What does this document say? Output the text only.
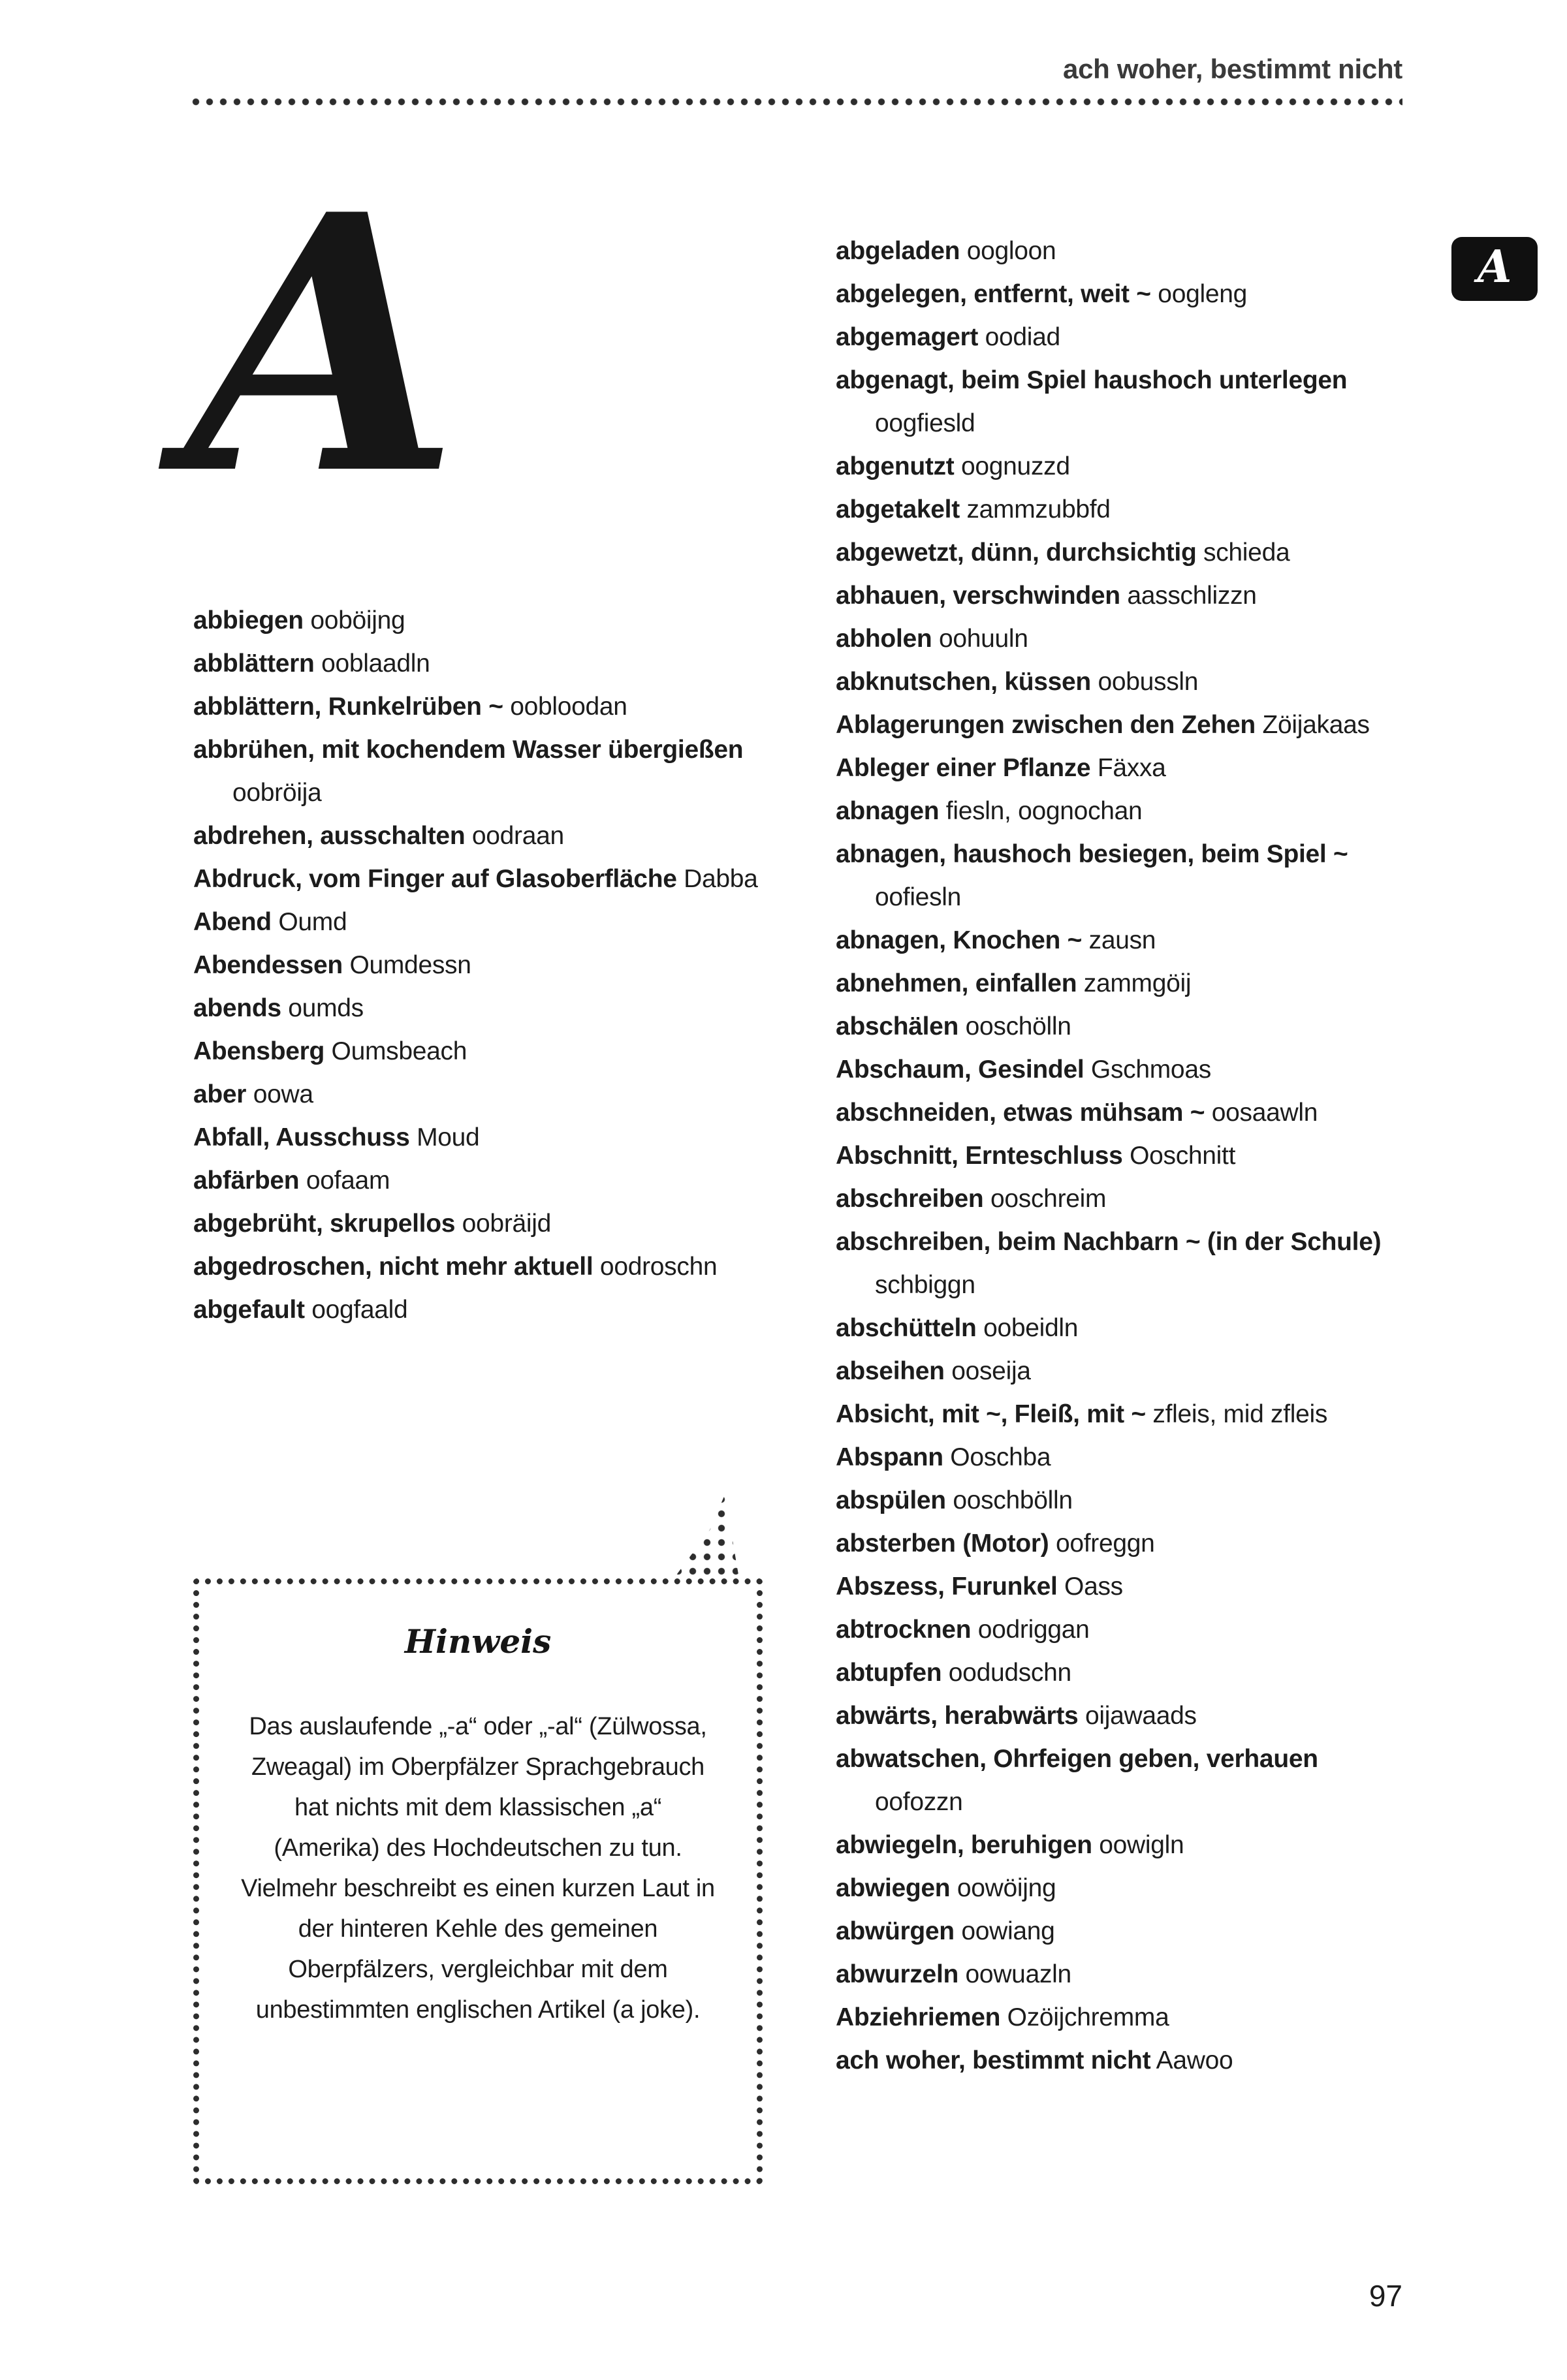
ach woher, bestimmt nicht
A	A

abbiegen ooböijng

abblättern ooblaadln

abblättern, Runkelrüben ~ oobloodan

abbrühen, mit kochendem Wasser übergießen oobröija

abdrehen, ausschalten oodraan

Abdruck, vom Finger auf Glasoberfläche Dabba

Abend Oumd

Abendessen Oumdessn

abends oumds

Abensberg Oumsbeach

aber oowa

Abfall, Ausschuss Moud

abfärben oofaam

abgebrüht, skrupellos oobräijd

abgedroschen, nicht mehr aktuell oodroschn

abgefault oogfaald

abgeladen oogloon

abgelegen, entfernt, weit ~ oogleng

abgemagert oodiad

abgenagt, beim Spiel haushoch unterlegen oogfiesld

abgenutzt oognuzzd

abgetakelt zammzubbfd

abgewetzt, dünn, durchsichtig schieda

abhauen, verschwinden aasschlizzn

abholen oohuuln

abknutschen, küssen oobussln

Ablagerungen zwischen den Zehen Zöijakaas

Ableger einer Pflanze Fäxxa

abnagen fiesln, oognochan

abnagen, haushoch besiegen, beim Spiel ~ oofiesln

abnagen, Knochen ~ zausn

abnehmen, einfallen zammgöij

abschälen ooschölln

Abschaum, Gesindel Gschmoas

abschneiden, etwas mühsam ~ oosaawln

Abschnitt, Ernteschluss Ooschnitt

abschreiben ooschreim

abschreiben, beim Nachbarn ~ (in der Schule) schbiggn

abschütteln oobeidln

abseihen ooseija

Absicht, mit ~, Fleiß, mit ~ zfleis, mid zfleis

Abspann Ooschba

abspülen ooschbölln

absterben (Motor) oofreggn

Abszess, Furunkel Oass

abtrocknen oodriggan

abtupfen oodudschn

abwärts, herabwärts oijawaads

abwatschen, Ohrfeigen geben, verhauen oofozzn

abwiegeln, beruhigen oowigln

abwiegen oowöijng

abwürgen oowiang

abwurzeln oowuazln

Abziehriemen Ozöijchremma

ach woher, bestimmt nicht Aawoo

Hinweis
Das auslaufende „-a“ oder „-al“ (Zülwossa, Zweagal) im Oberpfälzer Sprachgebrauch hat nichts mit dem klassischen „a“ (Amerika) des Hochdeutschen zu tun. Vielmehr beschreibt es einen kurzen Laut in der hinteren Kehle des gemeinen Oberpfälzers, vergleichbar mit dem unbestimmten englischen Artikel (a joke).
97
